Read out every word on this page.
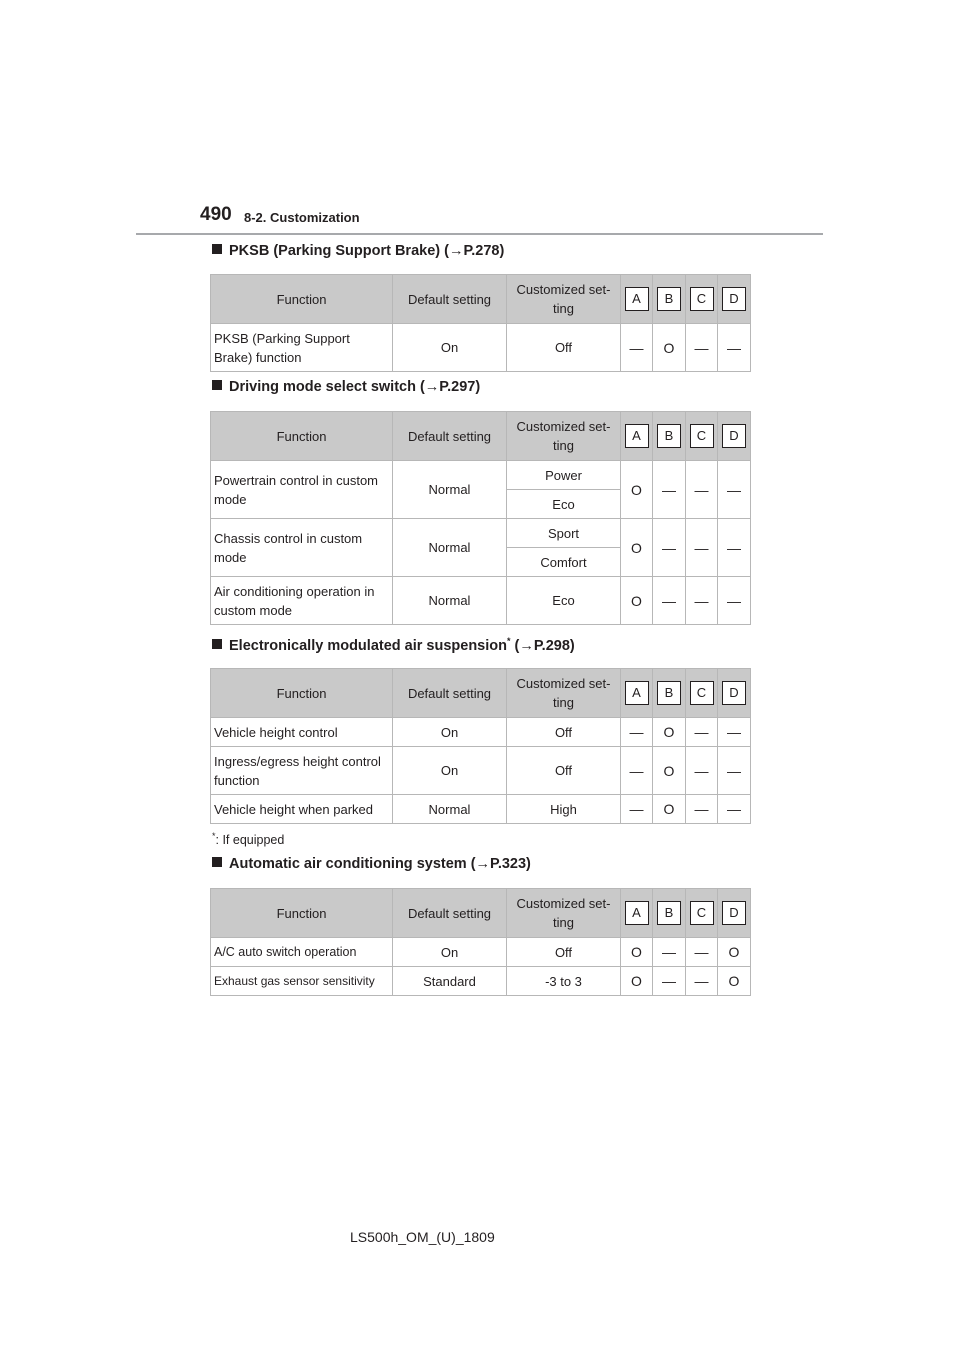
490 8-2. Customization
PKSB (Parking Support Brake) (→P.278)
Function	Default setting	Customized set-
ting	A	B	C	D
PKSB (Parking Support
Brake) function	On	Off	—	O	—	—
Driving mode select switch (→P.297)
Function	Default setting	Customized set-
ting	A	B	C	D
Powertrain control in custom
mode	Normal	Power	O	—	—	—
		Eco				
Chassis control in custom
mode	Normal	Sport	O	—	—	—
		Comfort				
Air conditioning operation in
custom mode	Normal	Eco	O	—	—	—
Electronically modulated air suspension* (→P.298)
Function	Default setting	Customized set-
ting	A	B	C	D
Vehicle height control	On	Off	—	O	—	—
Ingress/egress height control
function	On	Off	—	O	—	—
Vehicle height when parked	Normal	High	—	O	—	—
*: If equipped
Automatic air conditioning system (→P.323)
Function	Default setting	Customized set-
ting	A	B	C	D
A/C auto switch operation	On	Off	O	—	—	O
Exhaust gas sensor sensitivity	Standard	-3 to 3	O	—	—	O
LS500h_OM_(U)_1809
